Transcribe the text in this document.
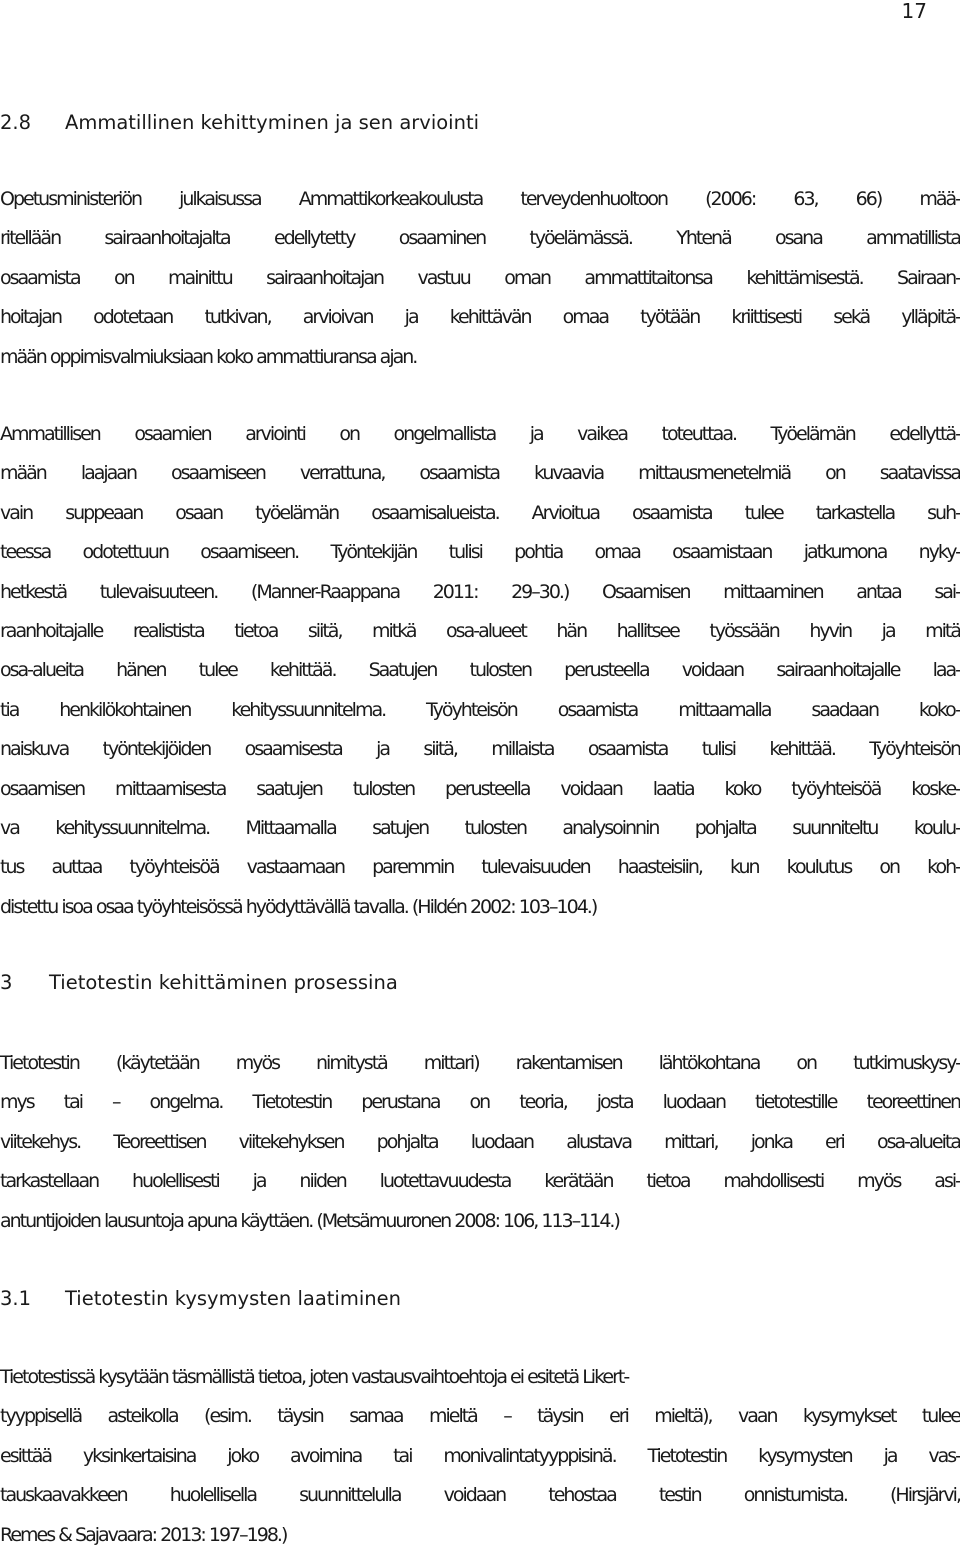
17
2.8 Ammatillinen kehittyminen ja sen arviointi
Opetusministeriön julkaisussa Ammattikorkeakoulusta terveydenhuoltoon (2006: 63, 66) mää-
ritellään sairaanhoitajalta edellytetty osaaminen työelämässä. Yhtenä osana ammatillista
osaamista on mainittu sairaanhoitajan vastuu oman ammattitaitonsa kehittämisestä. Sairaan-
hoitajan odotetaan tutkivan, arvioivan ja kehittävän omaa työtään kriittisesti sekä ylläpitä-
mään oppimisvalmiuksiaan koko ammattiuransa ajan.
Ammatillisen osaamien arviointi on ongelmallista ja vaikea toteuttaa. Työelämän edellyttä-
mään laajaan osaamiseen verrattuna, osaamista kuvaavia mittausmenetelmiä on saatavissa
vain suppeaan osaan työelämän osaamisalueista. Arvioitua osaamista tulee tarkastella suh-
teessa odotettuun osaamiseen. Työntekijän tulisi pohtia omaa osaamistaan jatkumona nyky-
hetkestä tulevaisuuteen. (Manner-Raappana 2011: 29–30.) Osaamisen mittaaminen antaa sai-
raanhoitajalle realistista tietoa siitä, mitkä osa-alueet hän hallitsee työssään hyvin ja mitä
osa-alueita hänen tulee kehittää. Saatujen tulosten perusteella voidaan sairaanhoitajalle laa-
tia henkilökohtainen kehityssuunnitelma. Työyhteisön osaamista mittaamalla saadaan koko-
naiskuva työntekijöiden osaamisesta ja siitä, millaista osaamista tulisi kehittää. Työyhteisön
osaamisen mittaamisesta saatujen tulosten perusteella voidaan laatia koko työyhteisöä koske-
va kehityssuunnitelma. Mittaamalla satujen tulosten analysoinnin pohjalta suunniteltu koulu-
tus auttaa työyhteisöä vastaamaan paremmin tulevaisuuden haasteisiin, kun koulutus on koh-
distettu isoa osaa työyhteisössä hyödyttävällä tavalla. (Hildén 2002: 103–104.)
3 Tietotestin kehittäminen prosessina
Tietotestin (käytetään myös nimitystä mittari) rakentamisen lähtökohtana on tutkimuskysy-
mys tai – ongelma. Tietotestin perustana on teoria, josta luodaan tietotestille teoreettinen
viitekehys. Teoreettisen viitekehyksen pohjalta luodaan alustava mittari, jonka eri osa-alueita
tarkastellaan huolellisesti ja niiden luotettavuudesta kerätään tietoa mahdollisesti myös asi-
antuntijoiden lausuntoja apuna käyttäen. (Metsämuuronen 2008: 106, 113–114.)
3.1 Tietotestin kysymysten laatiminen
Tietotestissä kysytään täsmällistä tietoa, joten vastausvaihtoehtoja ei esitetä Likert-
tyyppisellä asteikolla (esim. täysin samaa mieltä – täysin eri mieltä), vaan kysymykset tulee
esittää yksinkertaisina joko avoimina tai monivalintatyyppisinä. Tietotestin kysymysten ja vas-
tauskaavakkeen huolellisella suunnittelulla voidaan tehostaa testin onnistumista. (Hirsjärvi,
Remes & Sajavaara: 2013: 197–198.)
